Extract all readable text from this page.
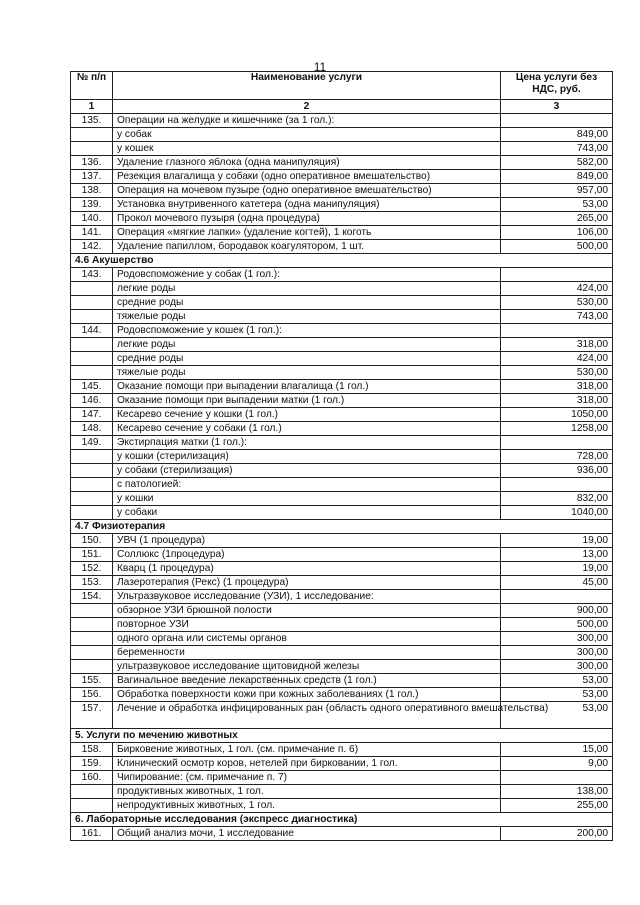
11
№ п/п	Наименование услуги	Цена услуги без НДС, руб.
1	2	3
135.	Операции на желудке и кишечнике (за 1 гол.):	
	у собак	849,00
	у кошек	743,00
136.	Удаление глазного яблока (одна манипуляция)	582,00
137.	Резекция влагалища у собаки (одно оперативное вмешательство)	849,00
138.	Операция на мочевом пузыре (одно оперативное вмешательство)	957,00
139.	Установка внутривенного катетера (одна манипуляция)	53,00
140.	Прокол мочевого пузыря (одна процедура)	265,00
141.	Операция «мягкие лапки» (удаление когтей), 1 коготь	106,00
142.	Удаление папиллом, бородавок коагулятором, 1 шт.	500,00
4.6 Акушерство		
143.	Родовспоможение у собак (1 гол.):	
	легкие роды	424,00
	средние роды	530,00
	тяжелые роды	743,00
144.	Родовспоможение у кошек (1 гол.):	
	легкие роды	318,00
	средние роды	424,00
	тяжелые роды	530,00
145.	Оказание помощи при выпадении влагалища (1 гол.)	318,00
146.	Оказание помощи при выпадении матки (1 гол.)	318,00
147.	Кесарево сечение у кошки (1 гол.)	1050,00
148.	Кесарево сечение у собаки (1 гол.)	1258,00
149.	Экстирпация матки (1 гол.):	
	у кошки (стерилизация)	728,00
	у собаки (стерилизация)	936,00
	с патологией:	
	у кошки	832,00
	у собаки	1040,00
4.7 Физиотерапия		
150.	УВЧ (1 процедура)	19,00
151.	Соллюкс (1процедура)	13,00
152.	Кварц (1 процедура)	19,00
153.	Лазеротерапия (Рекс) (1 процедура)	45,00
154.	Ультразвуковое исследование (УЗИ), 1 исследование:	
	обзорное УЗИ брюшной полости	900,00
	повторное УЗИ	500,00
	одного органа или системы органов	300,00
	беременности	300,00
	ультразвуковое исследование щитовидной железы	300,00
155.	Вагинальное введение лекарственных средств (1 гол.)	53,00
156.	Обработка поверхности кожи при кожных заболеваниях (1 гол.)	53,00
157.	Лечение и обработка инфицированных ран (область одного оперативного вмешательства)	53,00
5. Услуги по мечению животных		
158.	Бирковение животных, 1 гол. (см. примечание п. 6)	15,00
159.	Клинический осмотр коров, нетелей при бирковании, 1 гол.	9,00
160.	Чипирование: (см. примечание п. 7)	
	продуктивных животных, 1 гол.	138,00
	непродуктивных животных, 1 гол.	255,00
6. Лабораторные исследования (экспресс диагностика)		
161.	Общий анализ мочи, 1 исследование	200,00
